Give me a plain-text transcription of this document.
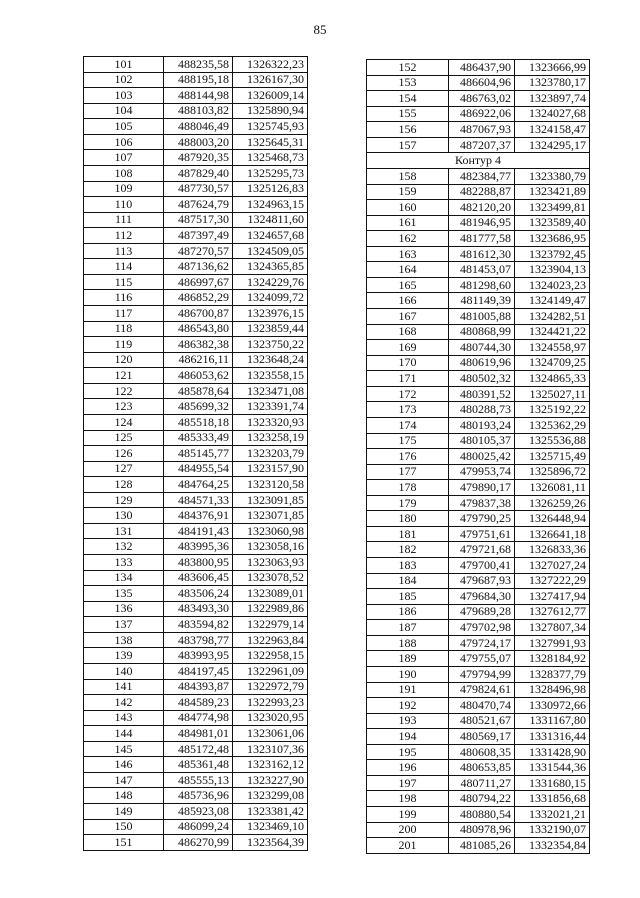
85
101	488235,58	1326322,23
102	488195,18	1326167,30
103	488144,98	1326009,14
104	488103,82	1325890,94
105	488046,49	1325745,93
106	488003,20	1325645,31
107	487920,35	1325468,73
108	487829,40	1325295,73
109	487730,57	1325126,83
110	487624,79	1324963,15
111	487517,30	1324811,60
112	487397,49	1324657,68
113	487270,57	1324509,05
114	487136,62	1324365,85
115	486997,67	1324229,76
116	486852,29	1324099,72
117	486700,87	1323976,15
118	486543,80	1323859,44
119	486382,38	1323750,22
120	486216,11	1323648,24
121	486053,62	1323558,15
122	485878,64	1323471,08
123	485699,32	1323391,74
124	485518,18	1323320,93
125	485333,49	1323258,19
126	485145,77	1323203,79
127	484955,54	1323157,90
128	484764,25	1323120,58
129	484571,33	1323091,85
130	484376,91	1323071,85
131	484191,43	1323060,98
132	483995,36	1323058,16
133	483800,95	1323063,93
134	483606,45	1323078,52
135	483506,24	1323089,01
136	483493,30	1322989,86
137	483594,82	1322979,14
138	483798,77	1322963,84
139	483993,95	1322958,15
140	484197,45	1322961,09
141	484393,87	1322972,79
142	484589,23	1322993,23
143	484774,98	1323020,95
144	484981,01	1323061,06
145	485172,48	1323107,36
146	485361,48	1323162,12
147	485555,13	1323227,90
148	485736,96	1323299,08
149	485923,08	1323381,42
150	486099,24	1323469,10
151	486270,99	1323564,39
152	486437,90	1323666,99
153	486604,96	1323780,17
154	486763,02	1323897,74
155	486922,06	1324027,68
156	487067,93	1324158,47
157	487207,37	1324295,17
Контур 4		
158	482384,77	1323380,79
159	482288,87	1323421,89
160	482120,20	1323499,81
161	481946,95	1323589,40
162	481777,58	1323686,95
163	481612,30	1323792,45
164	481453,07	1323904,13
165	481298,60	1324023,23
166	481149,39	1324149,47
167	481005,88	1324282,51
168	480868,99	1324421,22
169	480744,30	1324558,97
170	480619,96	1324709,25
171	480502,32	1324865,33
172	480391,52	1325027,11
173	480288,73	1325192,22
174	480193,24	1325362,29
175	480105,37	1325536,88
176	480025,42	1325715,49
177	479953,74	1325896,72
178	479890,17	1326081,11
179	479837,38	1326259,26
180	479790,25	1326448,94
181	479751,61	1326641,18
182	479721,68	1326833,36
183	479700,41	1327027,24
184	479687,93	1327222,29
185	479684,30	1327417,94
186	479689,28	1327612,77
187	479702,98	1327807,34
188	479724,17	1327991,93
189	479755,07	1328184,92
190	479794,99	1328377,79
191	479824,61	1328496,98
192	480470,74	1330972,66
193	480521,67	1331167,80
194	480569,17	1331316,44
195	480608,35	1331428,90
196	480653,85	1331544,36
197	480711,27	1331680,15
198	480794,22	1331856,68
199	480880,54	1332021,21
200	480978,96	1332190,07
201	481085,26	1332354,84
